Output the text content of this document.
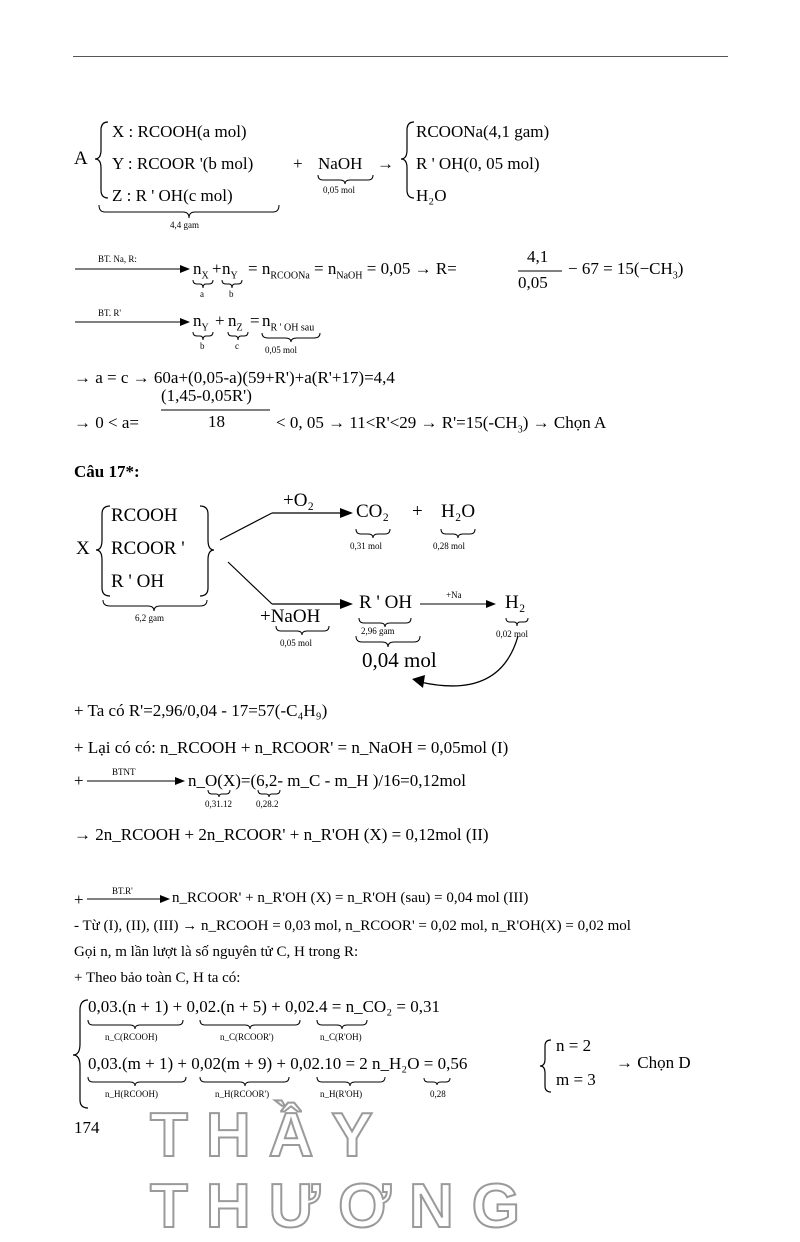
A
X : RCOOH(a mol)
Y : RCOOR '(b mol)
Z : R ' OH(c mol)
4,4 gam
+ NaOH
0,05 mol
→
RCOONa(4,1 gam)
R ' OH(0, 05 mol)
H₂O
BT. Na, R:	$n_X + n_Y$
a	b
= $n_{RCOONa} = n_{NaOH} = 0,05 \to R=$
4,1
0,05
− $67 = 15(-CH_3)$
BT. R'	$n_Y + n_Z = n_{R ' OH sau}$
b	c	0,05 mol
→ a = c → 60a+(0,05-a)(59+R')+a(R'+17)=4,4
→ 0 < a=
(1,45-0,05R')
18	< 0, $05 \to 11<R'<29 \to R'=15(-CH_3)$ → Chọn A
Câu 17*:
X
RCOOH
RCOOR '
R ' OH
6,2 gam
+O₂
CO₂
0,31 mol
+ H₂O
0,28 mol
+NaOH
0,05 mol
R ' OH
2,96 gam
+Na H₂
0,02 mol
0,04 mol
+ Ta có R'=2,96/0,04 - 17=57(-C₄H₉)
+ Lại có có: n_RCOOH + n_RCOOR' = n_NaOH = 0,05mol (I)
+	BTNT	n_O(X)=(6,2- m_C - m_H )/16=0,12mol
0,31.12	0,28.2
→ 2n_RCOOH + 2n_RCOOR' + n_R'OH (X) = 0,12mol (II)
+	BT.R'	n_RCOOR' + n_R'OH (X) = n_R'OH (sau) = 0,04 mol (III)
- Từ (I), (II), (III) → n_RCOOH = 0,03 mol, n_RCOOR' = 0,02 mol, n_R'OH(X) = 0,02 mol
Gọi n, m lần lượt là số nguyên tử C, H trong R:
+ Theo bảo toàn C, H ta có:
0,03.(n + 1) + 0,02.(n + 5) + 0,02.4 = n_CO₂ = 0,31
n_C(RCOOH)	n_C(RCOOR')	n_C(R'OH)
0,03.(m + 1) + 0,02(m + 9) + 0,02.10 = 2 n_H₂O = 0,56
n_H(RCOOH)	n_H(RCOOR')	n_H(R'OH)	0,28
n = 2
m = 3
→ Chọn D
174 THẦY THƯƠNG
